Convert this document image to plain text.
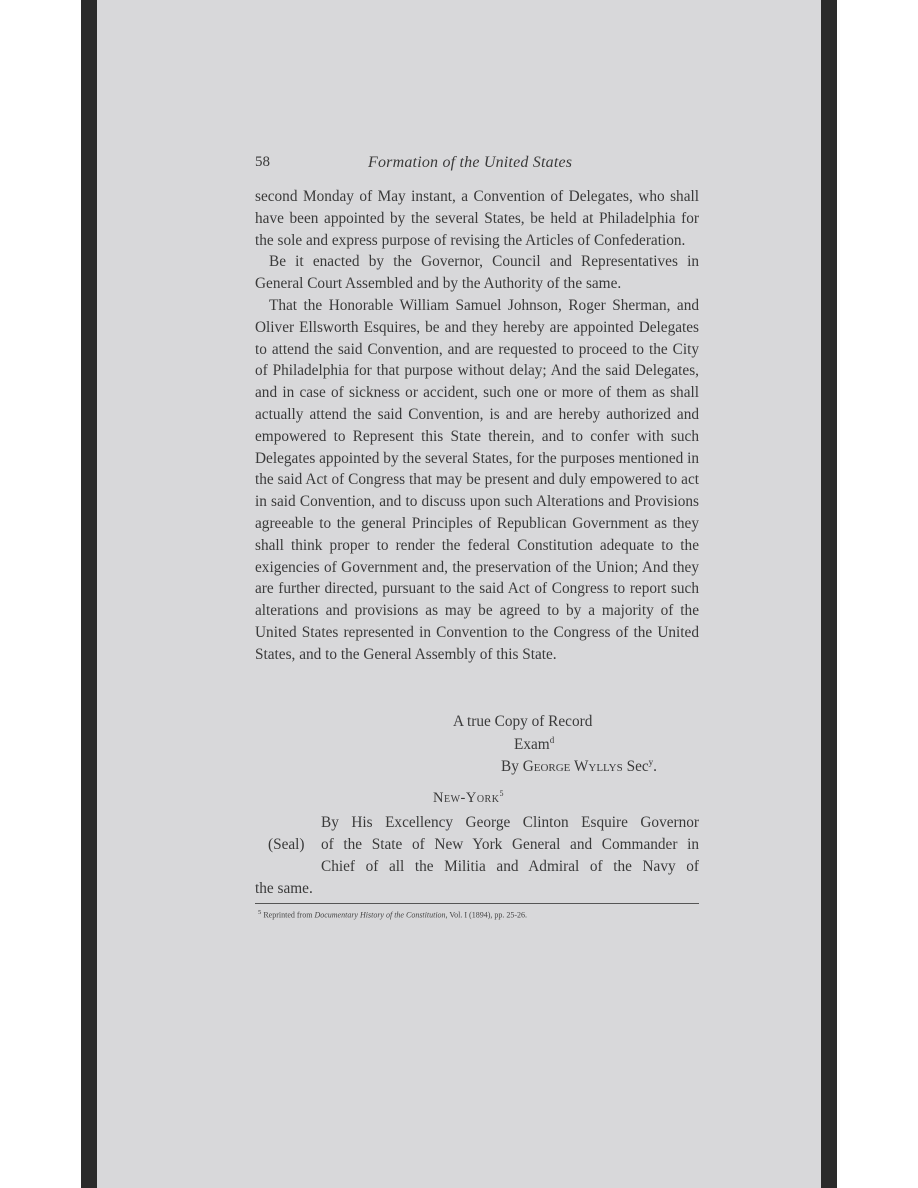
58	Formation of the United States

second Monday of May instant, a Convention of Delegates, who shall have been appointed by the several States, be held at Philadelphia for the sole and express purpose of revising the Articles of Confederation.

Be it enacted by the Governor, Council and Representatives in General Court Assembled and by the Authority of the same.

That the Honorable William Samuel Johnson, Roger Sherman, and Oliver Ellsworth Esquires, be and they hereby are appointed Delegates to attend the said Convention, and are requested to proceed to the City of Philadelphia for that purpose without delay; And the said Delegates, and in case of sickness or accident, such one or more of them as shall actually attend the said Convention, is and are hereby authorized and empowered to Represent this State therein, and to confer with such Delegates appointed by the several States, for the purposes mentioned in the said Act of Congress that may be present and duly empowered to act in said Convention, and to discuss upon such Alterations and Provisions agreeable to the general Principles of Republican Government as they shall think proper to render the federal Constitution adequate to the exigencies of Government and, the preservation of the Union; And they are further directed, pursuant to the said Act of Congress to report such alterations and provisions as may be agreed to by a majority of the United States represented in Convention to the Congress of the United States, and to the General Assembly of this State.

A true Copy of Record
Exam$^d$
By George Wyllys Sec$^y$.
New-York$^5$
By His Excellency George Clinton Esquire Governor
(Seal) of the State of New York General and Commander in
Chief of all the Militia and Admiral of the Navy of
the same.
$^5$ Reprinted from Documentary History of the Constitution, Vol. I (1894), pp. 25-26.
